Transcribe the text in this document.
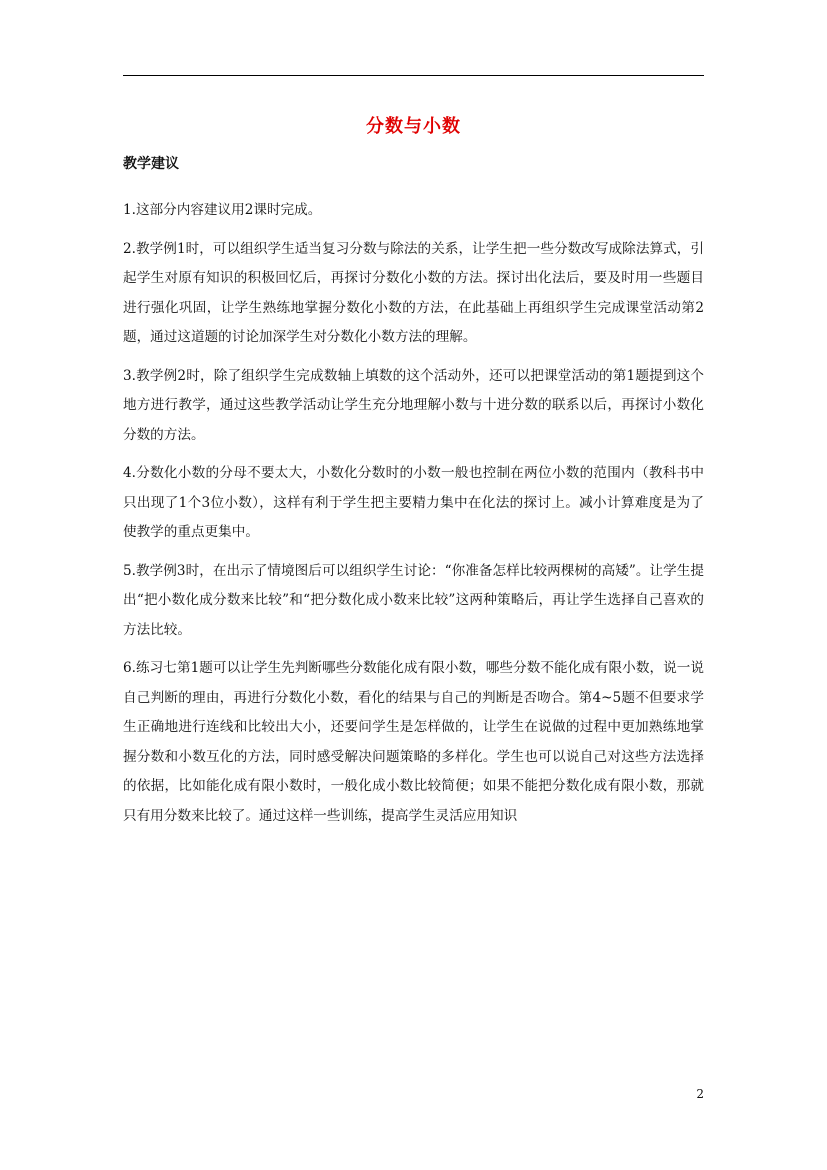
分数与小数
教学建议

1.这部分内容建议用2课时完成。

2.教学例1时，可以组织学生适当复习分数与除法的关系，让学生把一些分数改写成除法算式，引起学生对原有知识的积极回忆后，再探讨分数化小数的方法。探讨出化法后，要及时用一些题目进行强化巩固，让学生熟练地掌握分数化小数的方法，在此基础上再组织学生完成课堂活动第2题，通过这道题的讨论加深学生对分数化小数方法的理解。

3.教学例2时，除了组织学生完成数轴上填数的这个活动外，还可以把课堂活动的第1题提到这个地方进行教学，通过这些教学活动让学生充分地理解小数与十进分数的联系以后，再探讨小数化分数的方法。

4.分数化小数的分母不要太大，小数化分数时的小数一般也控制在两位小数的范围内（教科书中只出现了1个3位小数），这样有利于学生把主要精力集中在化法的探讨上。减小计算难度是为了使教学的重点更集中。

5.教学例3时，在出示了情境图后可以组织学生讨论：“你准备怎样比较两棵树的高矮”。让学生提出“把小数化成分数来比较”和“把分数化成小数来比较”这两种策略后，再让学生选择自己喜欢的方法比较。

6.练习七第1题可以让学生先判断哪些分数能化成有限小数，哪些分数不能化成有限小数，说一说自己判断的理由，再进行分数化小数，看化的结果与自己的判断是否吻合。第4~5题不但要求学生正确地进行连线和比较出大小，还要问学生是怎样做的，让学生在说做的过程中更加熟练地掌握分数和小数互化的方法，同时感受解决问题策略的多样化。学生也可以说自己对这些方法选择的依据，比如能化成有限小数时，一般化成小数比较简便；如果不能把分数化成有限小数，那就只有用分数来比较了。通过这样一些训练，提高学生灵活应用知识

2
